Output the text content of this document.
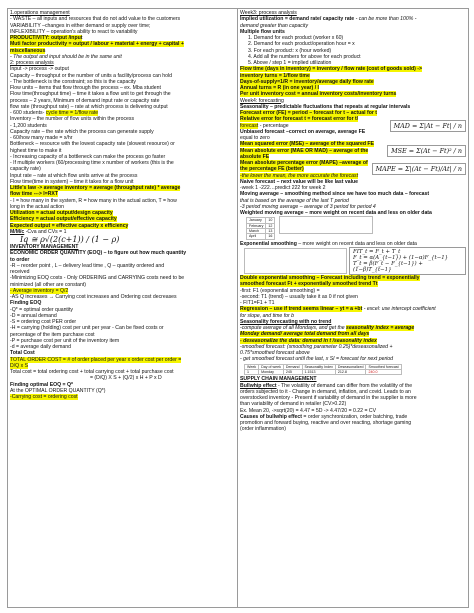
1.operations management
- WASTE – all inputs and resources that do not add value to the customers
VARIABILITY –changes in either demand or supply over time;
INFLEXIBILITY – operation's ability to react to variability
PRODUCTIVITY: output /input
Muti factor productivity = output / labour + material + energy + capital +
miscellaneous
- The output and input should be in the same unit
2: process analysis
Input -> process -> output
Capacity – throughput or the number of units a facility/process can hold
- The bottleneck is the constraint; so this is the capacity
Flow units – items that flow through the process – ex. Mba student
Flow time(throughput time) – time it takes a flow unit to get through the
process – 2 years, Minimum of demand input rate or capacity rate
flow rate (throughput rate) – rate at which process is delivering output
- 600 students- cycle time = 1/flow rate
Inventory – the number of flow units within the process
- 1,200 students
Capacity rate – the rate which the process can generate supply
- 60/how many made = x/hr
Bottleneck – resource with the lowest capacity rate (slowest resource) or
highest time to make it
- Increasing capacity of a bottleneck can make the process go faster
- If multiple workers (60/processing time x number of workers (this is the
capacity rate)
Input rate – rate at which flow units arrive at the process
Flow time(time in system) – time it takes for a flow unit
Little's law -> average inventory = average (throughput rate) * average
flow time ---> I=RXT
- I = how many in the system, R = how many in the actual action, T = how
long in the actual action
Utilization = actual output/design capacity
Efficiency = actual output/effective capacity
Expected output = effective capacity x efficiency
M/M/c -Cva and CVs = 1
Iq ≅ ρ√(2(c+1)) / (1 − ρ)
INVENTORY MANAGEMENT
ECONOMIC ORDER QUANTITY (EOQ) – to figure out how much quantity
to order
-R – reorder point , L – delivery lead time , Q – quantity ordered and
received
-Minimizing EOQ costs - Only ORDERING and CARRYING costs need to be
minimized (all other are constant)
- Average inventory = Q/2
-AS Q increases → Carrying cost increases and Ordering cost decreases
Finding EOQ
-Q* = optimal order quantity
-D = annual demand
-S = ordering cost PER order
-H = carrying (holding) cost per unit per year - Can be fixed costs or
percentage of the item purchase cost
-P = purchase cost per unit of the inventory item
-d = average daily demand
Total Cost
TOTAL ORDER COST = # of order placed per year x order cost per order =
D/Q x S
Total cost = total ordering cost + total carrying cost + total purchase cost
= (D/Q) X S + (Q/2) x H + P x D
Finding optimal EOQ = Q*
At the OPTIMAL ORDER QUANTITY (Q*)
-Carrying cost = ordering cost
Week3: process analysis
Implied utilization = demand rate/ capacity rate - can be more than 100% -
demand greater than capacity
Multiple flow units
1. Demand for each product (worker x 60)
2. Demand for each product/operation hour = x
3. For each product: x (hour worked)
4. Add all the numbers for above for each product
5. Above / step 1 = implied utilization
Flow time (days in inventory) = inventory / flow rate (cost of goods sold) ->
inventory turns = 1/flow time
Days-of-supply=1/R = inventory/average daily flow rate
Annual turns = R (in one year) / I
Per unit inventory cost = annual inventory costs/inventory turns
Week4: forecasting
Seasonality – predictable fluctuations that repeats at regular intervals
Forecast error (FE) = period – forecast for t – actual for t
Relative error for forecast t = forecast error for t/
forecast - percentage
Unbiased forecast –correct on average, average FE
equal to zero
MAD = Σ|At − Ft| / n
Mean squared error (MSE) – average of the squared FE
Mean absolute error (MAE OR MAD) – average of the
absolute FE
MSE = Σ(At − Ft)² / n
Mean absolute percentage error (MAPE) –average of
the percentage FE (better)
-the lower the mean, the more accurate the forecast
MAPE = Σ|(At − Ft)/At| / n
Naive forecast – next value will be like last value
-week 1 -222…predict 222 for week 2
Moving average – smoothing method since we have too much data – forecast
that is based on the average of the last T period
-3 period moving average – average of 3 period for period 4
Weighted moving average – more weight on recent data and less on older data
January	10
February	12
March	13
April	16
Exponential smoothing – more weight on recent data and less on older data
FIT_t = F_t + T_t
F_t = α(A_{t−1}) + (1−α)F_{t−1}
T_t = β(F_t − F_{t−1}) + (1−β)T_{t−1}
Double exponential smoothing – Forecast including trend = exponentially
smoothed forecast Ft + exponentially smoothed trend Tt
-first: F1 (exponential smoothing) =
-second: T1 (trend) – usually take it as 0 if not given
- FIT1=F1 + T1
Regression – use if trend seems linear – yt = a +bt - excel: use intercept coefficient
for slope, and time for b
Seasonality forecasting with no trend
-compute average of all Mondays, and get the seasonality index = average
Monday demand/ average total demand from all days
- deseasonalize the data: demand in t /seasonality index
-smoothed forecast: (smoothing parameter 0.25)*deseasonalized +
0.75*smoothed forecast above
- get smoothed forecast until the last, x SI = forecast for next period
Week	Day of week	Demand	Seasonality Index	Deseasonalized	Smoothed forecast
1	Monday	245	1.1513	212.8	240.0
SUPPLY CHAIN MANAGEMENT
Bullwhip effect - The volatility of demand can differ from the volatility of the
orders subjected to it - Change in demand, inflation, and covid. Leads to an
overstocked inventory - Present if variability of demand in the supplier is more
than variability of demand in retailer (CV>0.22)
Ex. Mean 20, ->sqrt(20) = 4.47 = 5D -> 4.47/20 = 0.22 = CV
Causes of bullwhip effect = order synchronization, order batching, trade
promotion and forward buying, reactive and over reacting, shortage gaming
(order inflammation)
